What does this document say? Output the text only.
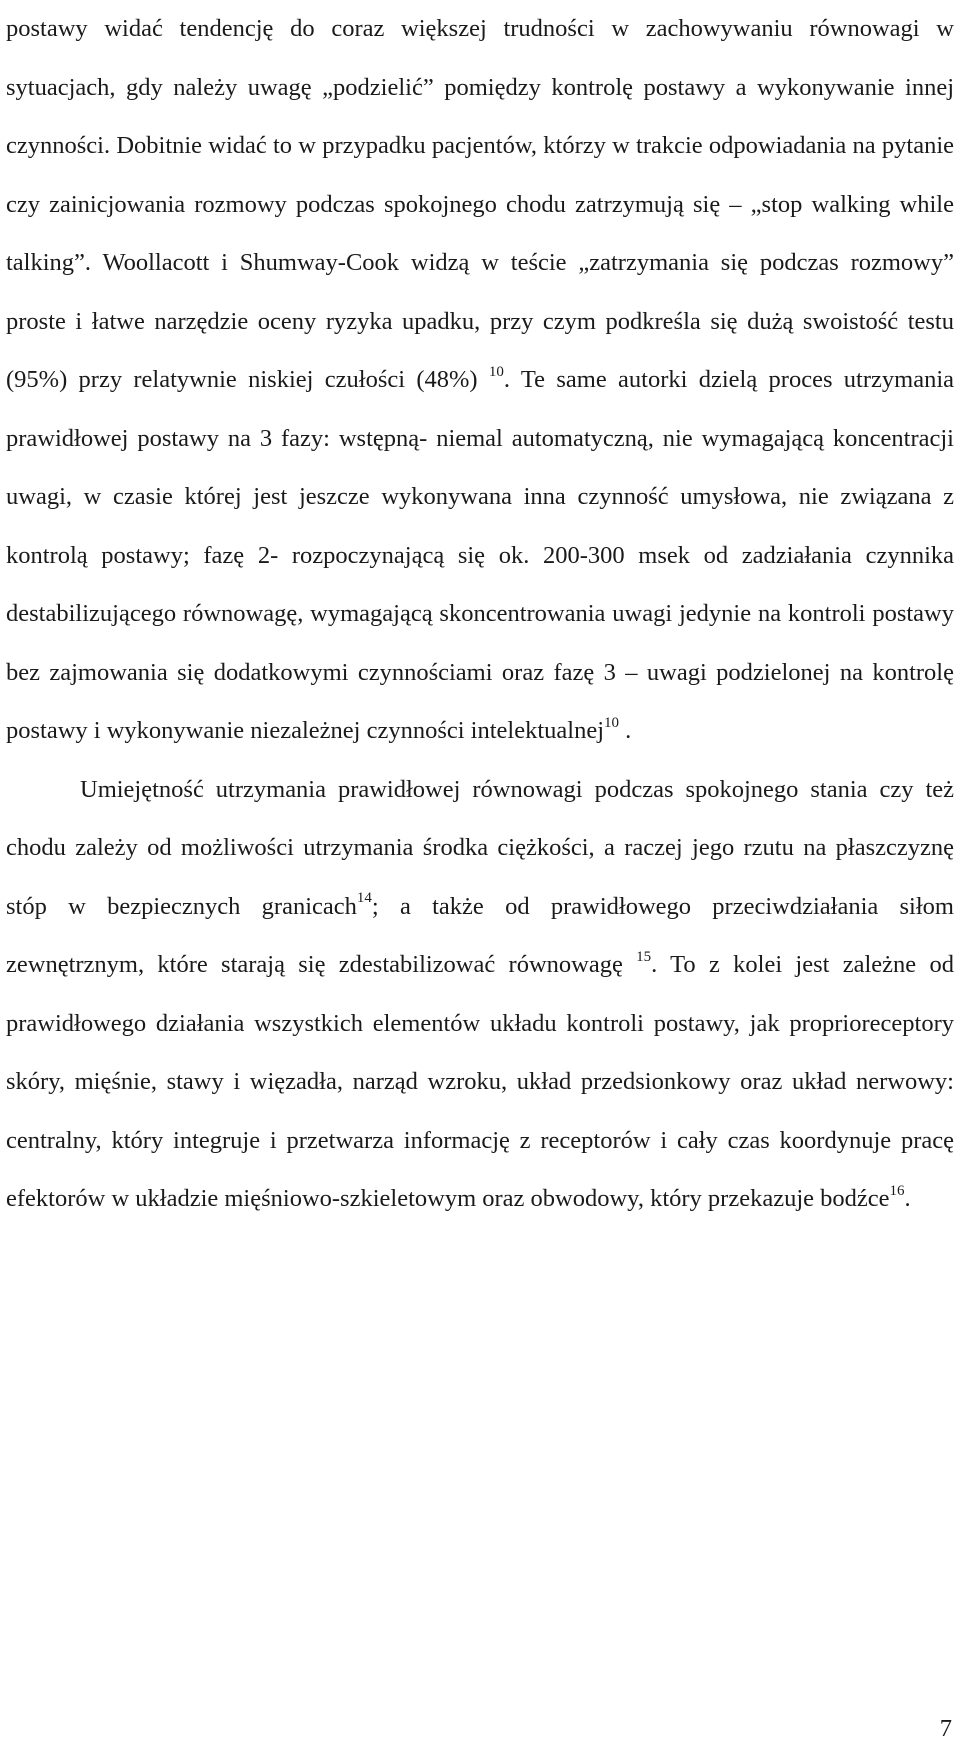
postawy widać tendencję do coraz większej trudności w zachowywaniu równowagi w sytuacjach, gdy należy uwagę „podzielić” pomiędzy kontrolę postawy a wykonywanie innej czynności. Dobitnie widać to w przypadku pacjentów, którzy w trakcie odpowiadania na pytanie czy zainicjowania rozmowy podczas spokojnego chodu zatrzymują się – „stop walking while talking”. Woollacott i Shumway-Cook widzą w teście „zatrzymania się podczas rozmowy” proste i łatwe narzędzie oceny ryzyka upadku, przy czym podkreśla się dużą swoistość testu (95%) przy relatywnie niskiej czułości (48%) $^{10}$. Te same autorki dzielą proces utrzymania prawidłowej postawy na 3 fazy: wstępną- niemal automatyczną, nie wymagającą koncentracji uwagi, w czasie której jest jeszcze wykonywana inna czynność umysłowa, nie związana z kontrolą postawy; fazę 2- rozpoczynającą się ok. 200-300 msek od zadziałania czynnika destabilizującego równowagę, wymagającą skoncentrowania uwagi jedynie na kontroli postawy bez zajmowania się dodatkowymi czynnościami oraz fazę 3 – uwagi podzielonej na kontrolę postawy i wykonywanie niezależnej czynności intelektualnej$^{10}$ .

Umiejętność utrzymania prawidłowej równowagi podczas spokojnego stania czy też chodu zależy od możliwości utrzymania środka ciężkości, a raczej jego rzutu na płaszczyznę stóp w bezpiecznych granicach$^{14}$; a także od prawidłowego przeciwdziałania siłom zewnętrznym, które starają się zdestabilizować równowagę $^{15}$. To z kolei jest zależne od prawidłowego działania wszystkich elementów układu kontroli postawy, jak proprioreceptory skóry, mięśnie, stawy i więzadła, narząd wzroku, układ przedsionkowy oraz układ nerwowy: centralny, który integruje i przetwarza informację z receptorów i cały czas koordynuje pracę efektorów w układzie mięśniowo-szkieletowym oraz obwodowy, który przekazuje bodźce$^{16}$.

7
